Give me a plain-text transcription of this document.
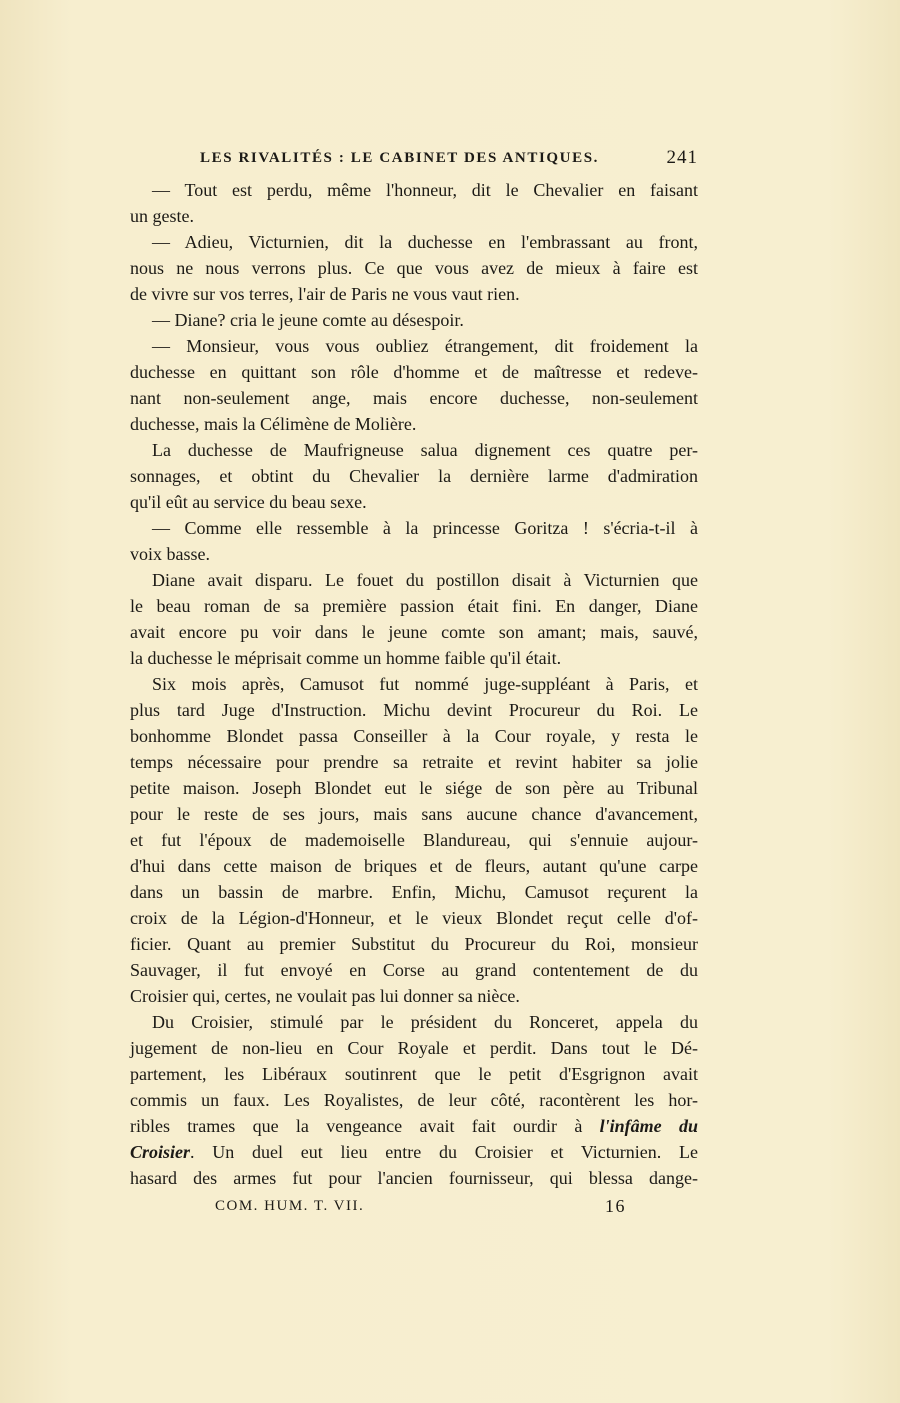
LES RIVALITÉS : LE CABINET DES ANTIQUES.	241
— Tout est perdu, même l'honneur, dit le Chevalier en faisant
un geste.
— Adieu, Victurnien, dit la duchesse en l'embrassant au front,
nous ne nous verrons plus. Ce que vous avez de mieux à faire est
de vivre sur vos terres, l'air de Paris ne vous vaut rien.
— Diane? cria le jeune comte au désespoir.
— Monsieur, vous vous oubliez étrangement, dit froidement la
duchesse en quittant son rôle d'homme et de maîtresse et redeve-
nant non-seulement ange, mais encore duchesse, non-seulement
duchesse, mais la Célimène de Molière.
La duchesse de Maufrigneuse salua dignement ces quatre per-
sonnages, et obtint du Chevalier la dernière larme d'admiration
qu'il eût au service du beau sexe.
— Comme elle ressemble à la princesse Goritza ! s'écria-t-il à
voix basse.
Diane avait disparu. Le fouet du postillon disait à Victurnien que
le beau roman de sa première passion était fini. En danger, Diane
avait encore pu voir dans le jeune comte son amant; mais, sauvé,
la duchesse le méprisait comme un homme faible qu'il était.
Six mois après, Camusot fut nommé juge-suppléant à Paris, et
plus tard Juge d'Instruction. Michu devint Procureur du Roi. Le
bonhomme Blondet passa Conseiller à la Cour royale, y resta le
temps nécessaire pour prendre sa retraite et revint habiter sa jolie
petite maison. Joseph Blondet eut le siége de son père au Tribunal
pour le reste de ses jours, mais sans aucune chance d'avancement,
et fut l'époux de mademoiselle Blandureau, qui s'ennuie aujour-
d'hui dans cette maison de briques et de fleurs, autant qu'une carpe
dans un bassin de marbre. Enfin, Michu, Camusot reçurent la
croix de la Légion-d'Honneur, et le vieux Blondet reçut celle d'of-
ficier. Quant au premier Substitut du Procureur du Roi, monsieur
Sauvager, il fut envoyé en Corse au grand contentement de du
Croisier qui, certes, ne voulait pas lui donner sa nièce.
Du Croisier, stimulé par le président du Ronceret, appela du
jugement de non-lieu en Cour Royale et perdit. Dans tout le Dé-
partement, les Libéraux soutinrent que le petit d'Esgrignon avait
commis un faux. Les Royalistes, de leur côté, racontèrent les hor-
ribles trames que la vengeance avait fait ourdir à l'infâme du
Croisier. Un duel eut lieu entre du Croisier et Victurnien. Le
hasard des armes fut pour l'ancien fournisseur, qui blessa dange-
COM. HUM. T. VII.	16
